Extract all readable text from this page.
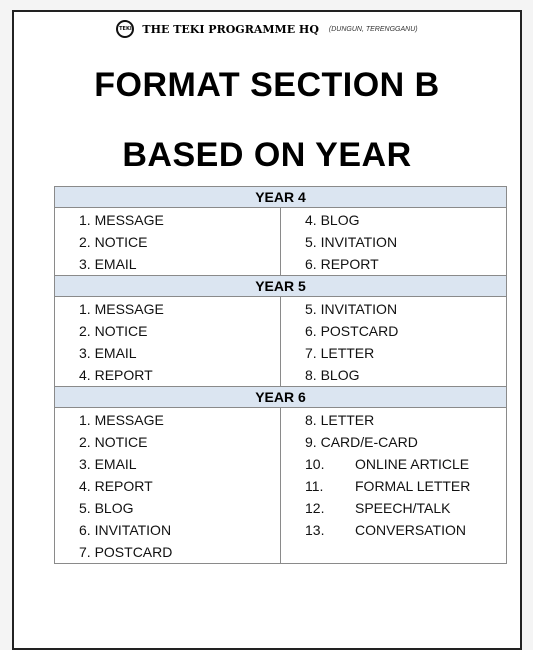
TEKI THE TEKI PROGRAMME HQ (DUNGUN, TERENGGANU)
FORMAT SECTION B
BASED ON YEAR
YEAR 4
1. MESSAGE
2. NOTICE
3. EMAIL
4. BLOG
5. INVITATION
6. REPORT
YEAR 5
1. MESSAGE
2. NOTICE
3. EMAIL
4. REPORT
5. INVITATION
6. POSTCARD
7. LETTER
8. BLOG
YEAR 6
1. MESSAGE
2. NOTICE
3. EMAIL
4. REPORT
5. BLOG
6. INVITATION
7. POSTCARD
8. LETTER
9. CARD/E-CARD
10. ONLINE ARTICLE
11. FORMAL LETTER
12. SPEECH/TALK
13. CONVERSATION
